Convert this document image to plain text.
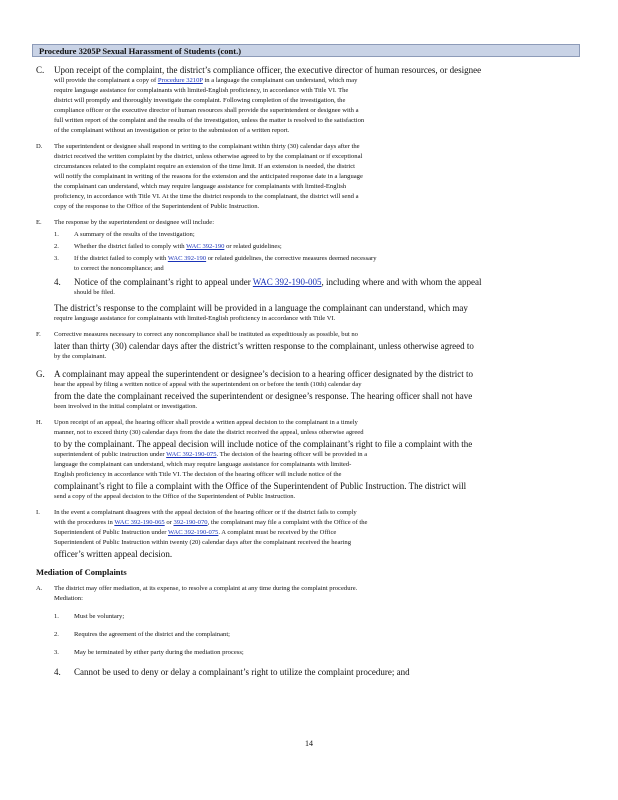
Procedure 3205P Sexual Harassment of Students (cont.)
C. Upon receipt of the complaint, the district’s compliance officer, the executive director of human resources, or designee
will provide the complainant a copy of Procedure 3210P in a language the complainant can understand, which may
require language assistance for complainants with limited-English proficiency, in accordance with Title VI. The
district will promptly and thoroughly investigate the complaint. Following completion of the investigation, the
compliance officer or the executive director of human resources shall provide the superintendent or designee with a
full written report of the complaint and the results of the investigation, unless the matter is resolved to the satisfaction
of the complainant without an investigation or prior to the submission of a written report.
D. The superintendent or designee shall respond in writing to the complainant within thirty (30) calendar days after the
district received the written complaint by the district, unless otherwise agreed to by the complainant or if exceptional
circumstances related to the complaint require an extension of the time limit. If an extension is needed, the district
will notify the complainant in writing of the reasons for the extension and the anticipated response date in a language
the complainant can understand, which may require language assistance for complainants with limited-English
proficiency, in accordance with Title VI. At the time the district responds to the complainant, the district will send a
copy of the response to the Office of the Superintendent of Public Instruction.
E. The response by the superintendent or designee will include:
1. A summary of the results of the investigation;
2. Whether the district failed to comply with WAC 392-190 or related guidelines;
3. If the district failed to comply with WAC 392-190 or related guidelines, the corrective measures deemed necessary
to correct the noncompliance; and
4. Notice of the complainant’s right to appeal under WAC 392-190-005, including where and with whom the appeal
should be filed.
The district’s response to the complaint will be provided in a language the complainant can understand, which may
require language assistance for complainants with limited-English proficiency in accordance with Title VI.
F. Corrective measures necessary to correct any noncompliance shall be instituted as expeditiously as possible, but no
later than thirty (30) calendar days after the district’s written response to the complainant, unless otherwise agreed to
by the complainant.
G. A complainant may appeal the superintendent or designee’s decision to a hearing officer designated by the district to
hear the appeal by filing a written notice of appeal with the superintendent on or before the tenth (10th) calendar day
from the date the complainant received the superintendent or designee’s response. The hearing officer shall not have
been involved in the initial complaint or investigation.
H. Upon receipt of an appeal, the hearing officer shall provide a written appeal decision to the complainant in a timely
manner, not to exceed thirty (30) calendar days from the date the district received the appeal, unless otherwise agreed
to by the complainant. The appeal decision will include notice of the complainant’s right to file a complaint with the
superintendent of public instruction under WAC 392-190-075. The decision of the hearing officer will be provided in a
language the complainant can understand, which may require language assistance for complainants with limited-
English proficiency in accordance with Title VI. The decision of the hearing officer will include notice of the
complainant’s right to file a complaint with the Office of the Superintendent of Public Instruction. The district will
send a copy of the appeal decision to the Office of the Superintendent of Public Instruction.
I. In the event a complainant disagrees with the appeal decision of the hearing officer or if the district fails to comply
with the procedures in WAC 392-190-065 or 392-190-070, the complainant may file a complaint with the Office of the
Superintendent of Public Instruction under WAC 392-190-075. A complaint must be received by the Office
Superintendent of Public Instruction within twenty (20) calendar days after the complainant received the hearing
officer’s written appeal decision.
Mediation of Complaints
A. The district may offer mediation, at its expense, to resolve a complaint at any time during the complaint procedure.
Mediation:
1. Must be voluntary;
2. Requires the agreement of the district and the complainant;
3. May be terminated by either party during the mediation process;
4. Cannot be used to deny or delay a complainant’s right to utilize the complaint procedure; and
14
